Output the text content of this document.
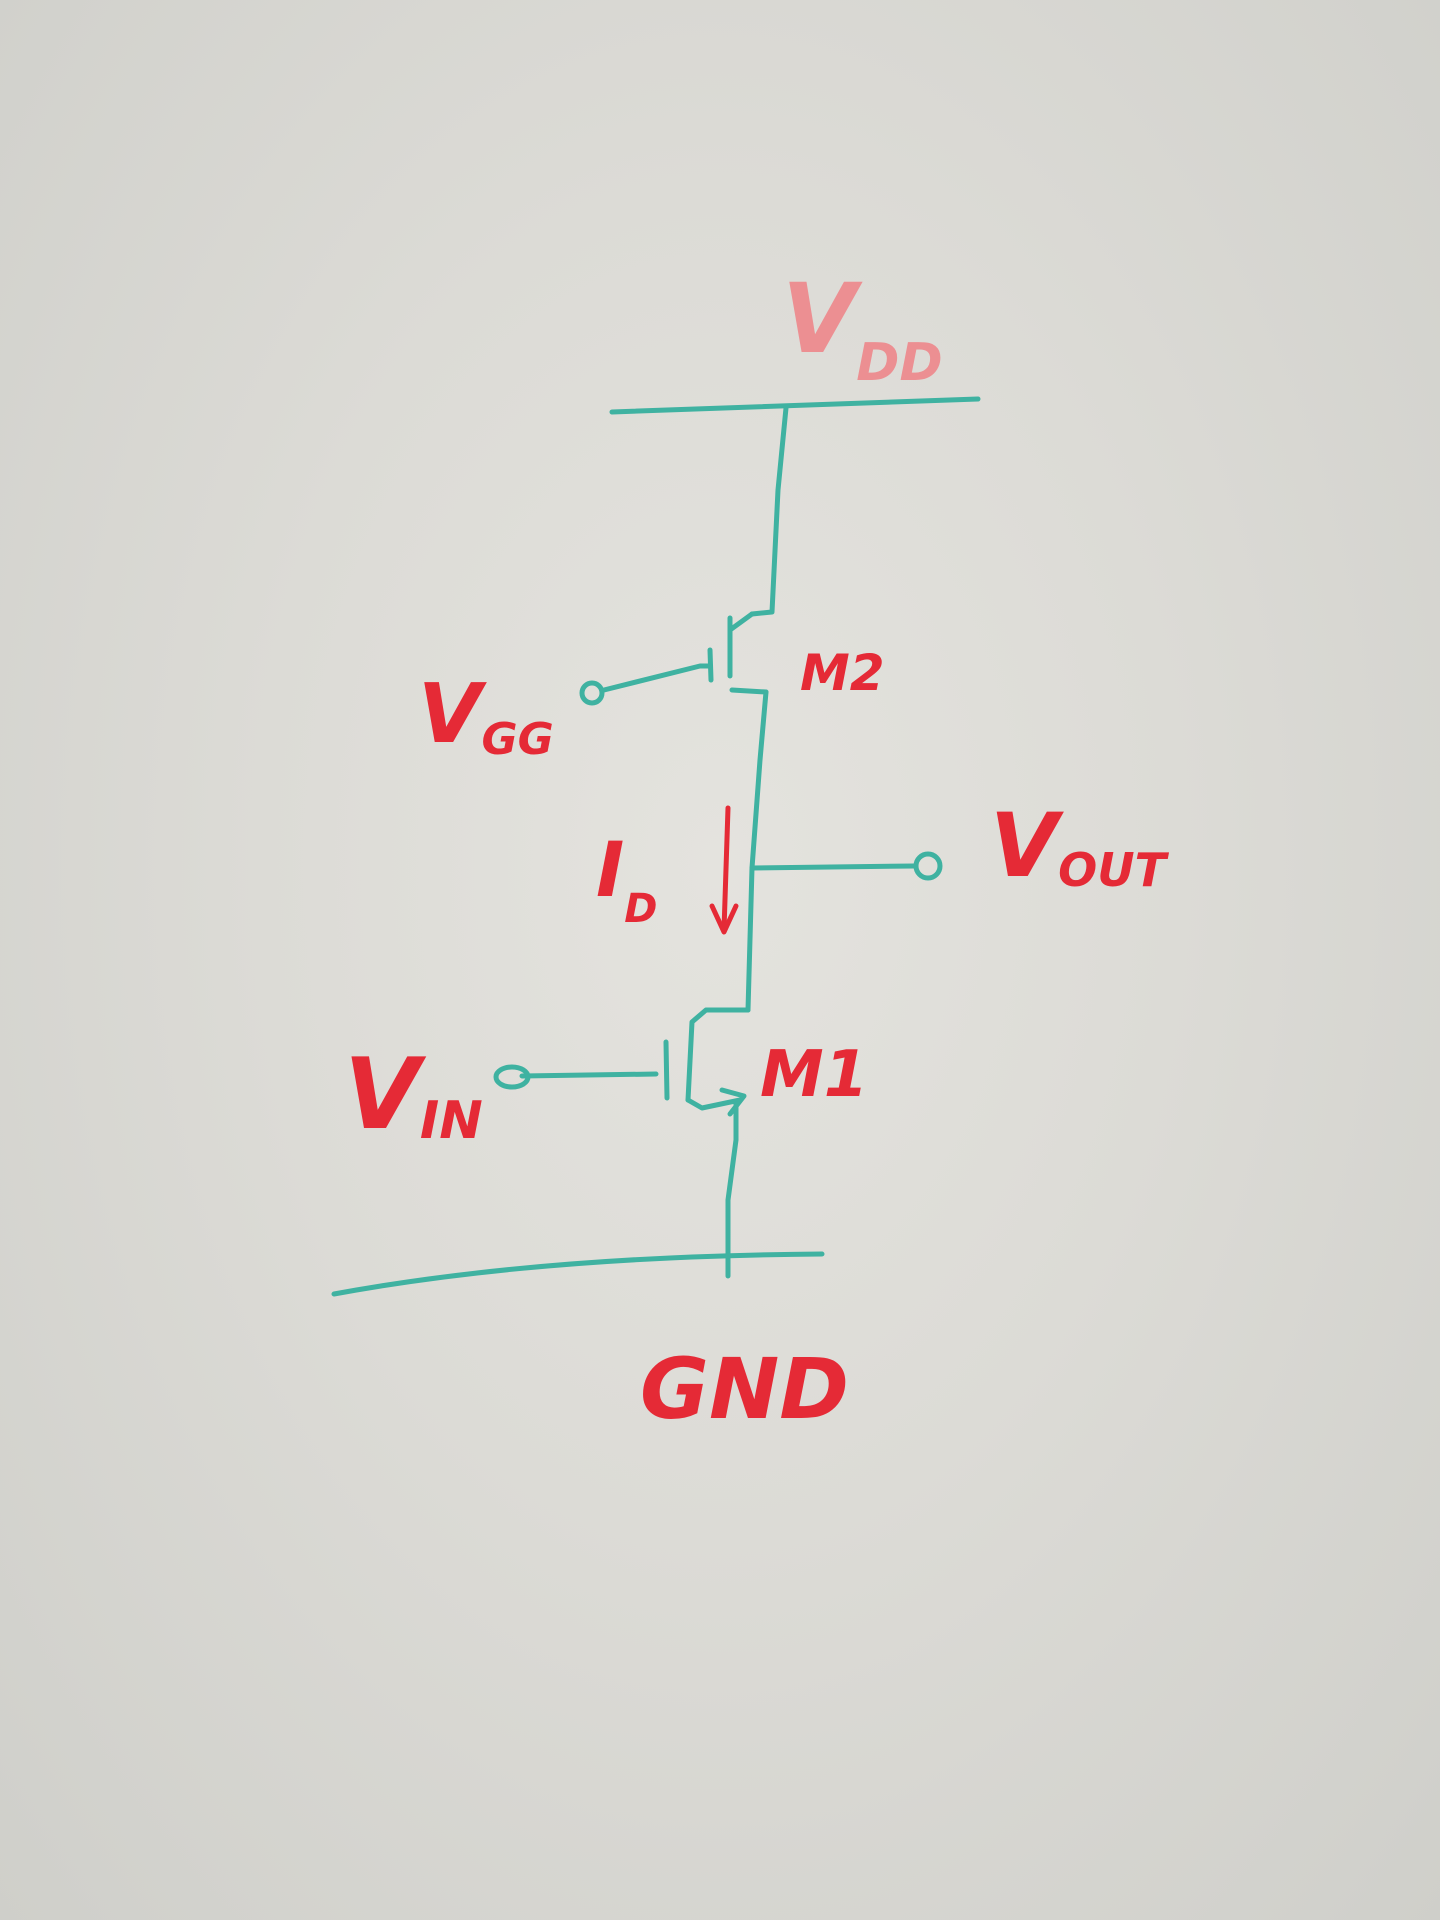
$V_{DD}$
VGG
M2
$I_D$
VOUT
VIN
M1
GND
